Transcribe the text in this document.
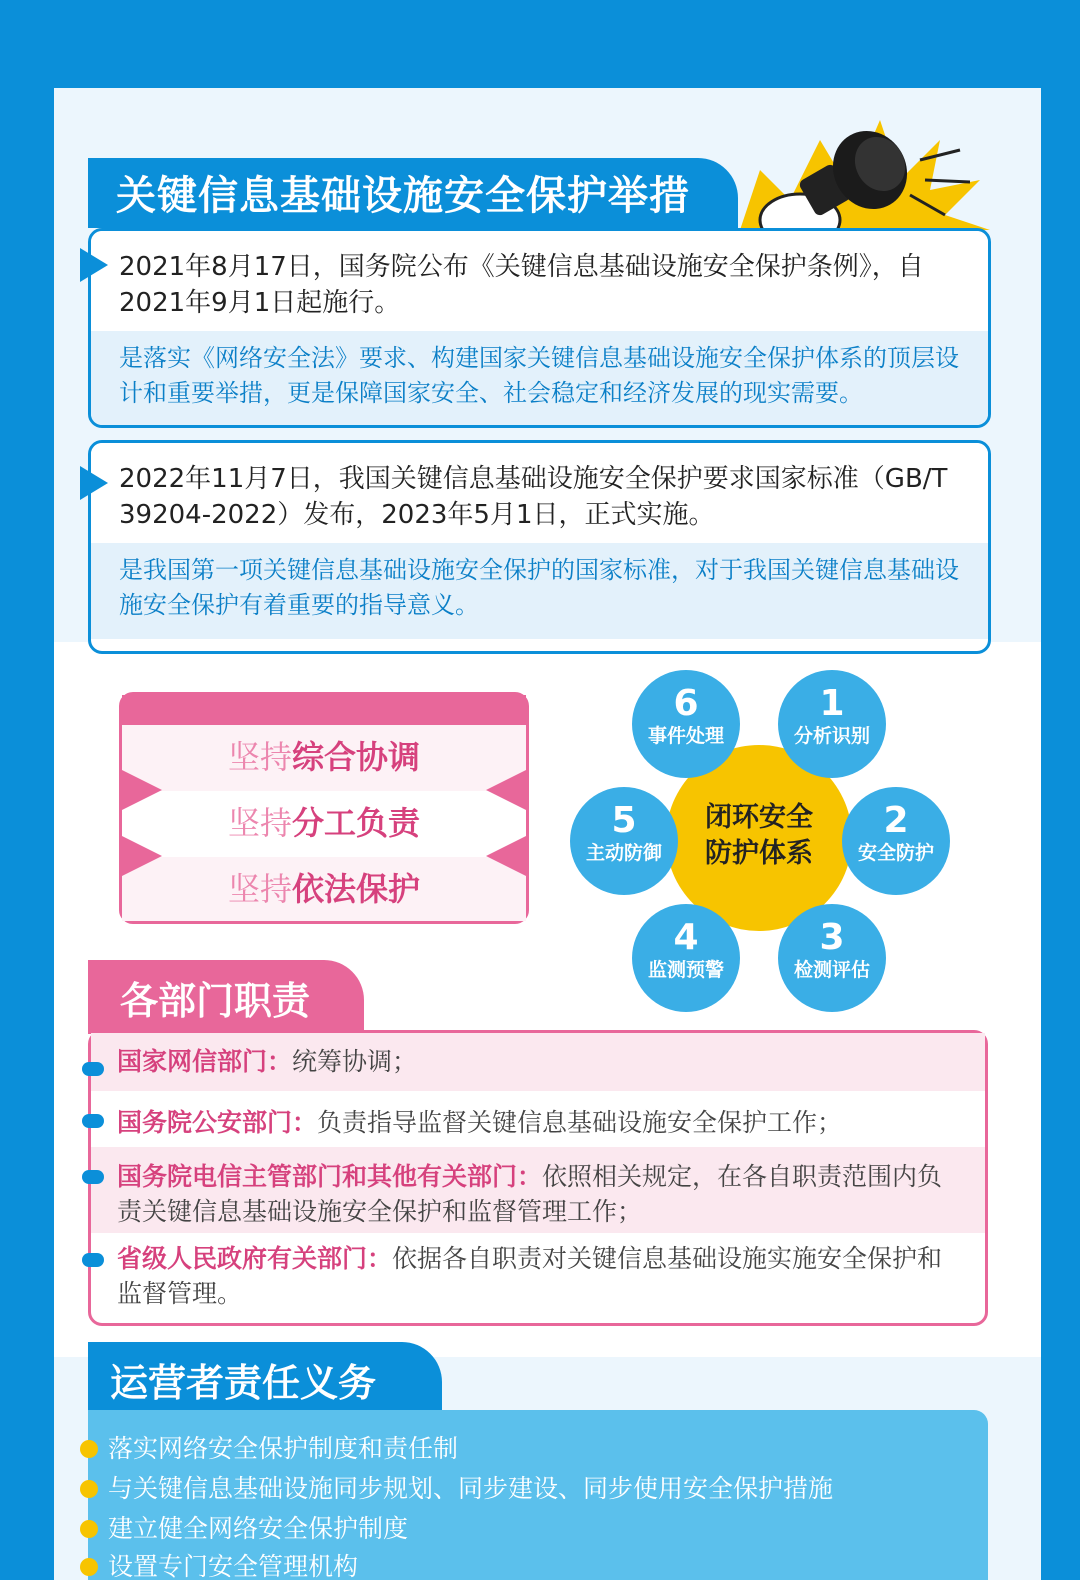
关键信息基础设施安全保护举措
2021年8月17日，国务院公布《关键信息基础设施安全保护条例》，自2021年9月1日起施行。
是落实《网络安全法》要求、构建国家关键信息基础设施安全保护体系的顶层设计和重要举措，更是保障国家安全、社会稳定和经济发展的现实需要。
2022年11月7日，我国关键信息基础设施安全保护要求国家标准（GB/T 39204-2022）发布，2023年5月1日，正式实施。
是我国第一项关键信息基础设施安全保护的国家标准，对于我国关键信息基础设施安全保护有着重要的指导意义。
坚持综合协调
坚持分工负责
坚持依法保护
闭环安全
防护体系
1
分析识别
2
安全防护
3
检测评估
4
监测预警
5
主动防御
6
事件处理
各部门职责
国家网信部门：统筹协调；
国务院公安部门：负责指导监督关键信息基础设施安全保护工作；
国务院电信主管部门和其他有关部门：依照相关规定，在各自职责范围内负责关键信息基础设施安全保护和监督管理工作；
省级人民政府有关部门：依据各自职责对关键信息基础设施实施安全保护和监督管理。
运营者责任义务
落实网络安全保护制度和责任制
与关键信息基础设施同步规划、同步建设、同步使用安全保护措施
建立健全网络安全保护制度
设置专门安全管理机构
